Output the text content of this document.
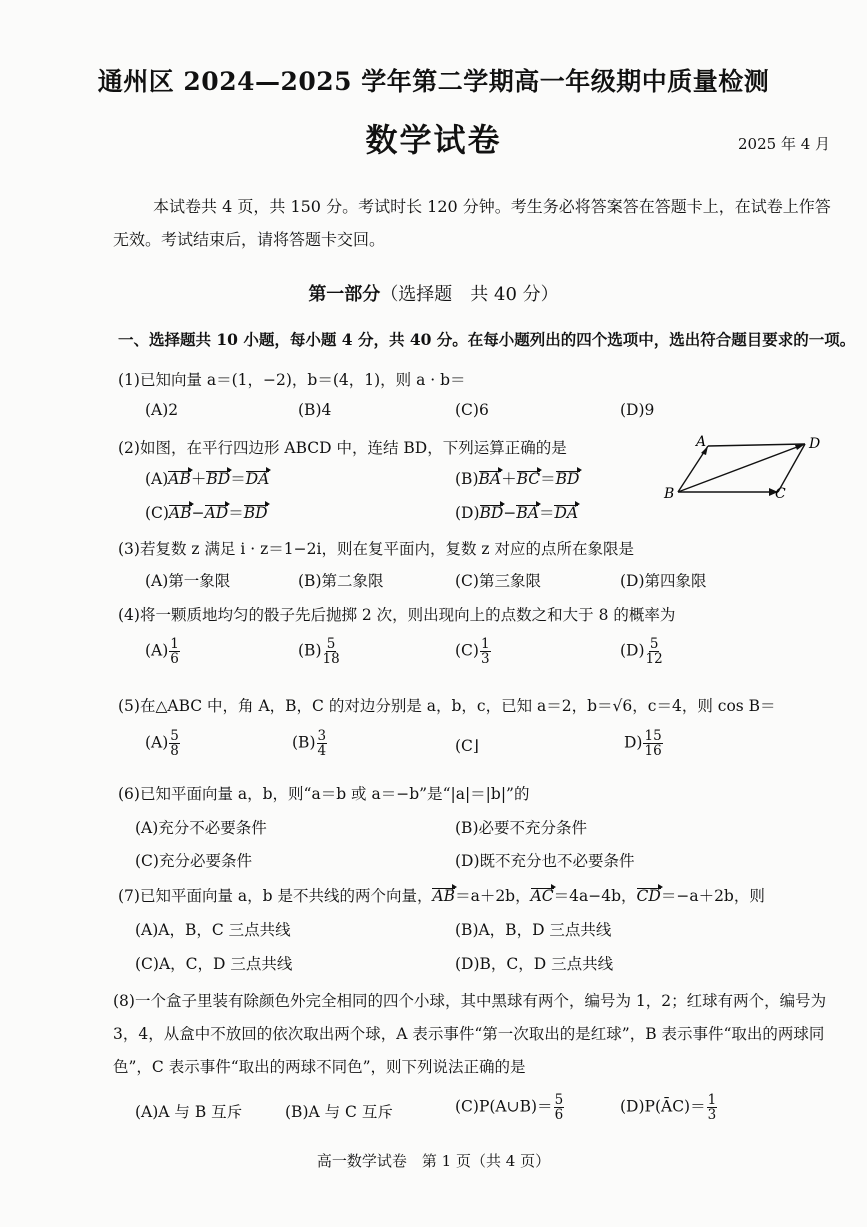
通州区 2024—2025 学年第二学期高一年级期中质量检测
数学试卷	2025 年 4 月
本试卷共 4 页，共 150 分。考试时长 120 分钟。考生务必将答案答在答题卡上，在试卷上作答无效。考试结束后，请将答题卡交回。
第一部分（选择题　共 40 分）
一、选择题共 10 小题，每小题 4 分，共 40 分。在每小题列出的四个选项中，选出符合题目要求的一项。
(1)已知向量 a＝(1，−2)，b＝(4，1)，则 a · b＝
(A)2	(B)4	(C)6	(D)9
(2)如图，在平行四边形 ABCD 中，连结 BD，下列运算正确的是
(A)AB＋BD＝DA	(B)BA＋BC＝BD
(C)AB−AD＝BD	(D)BD−BA＝DA
A	D
B	C
(3)若复数 z 满足 i · z＝1−2i，则在复平面内，复数 z 对应的点所在象限是
(A)第一象限	(B)第二象限	(C)第三象限	(D)第四象限
(4)将一颗质地均匀的骰子先后抛掷 2 次，则出现向上的点数之和大于 8 的概率为
$(A) \frac{1}{6}$	$(B) \frac{5}{18}$	$(C) \frac{1}{3}$	$(D) \frac{5}{12}$
(5)在△ABC 中，角 A，B，C 的对边分别是 a，b，c，已知 a＝2，b＝√6，c＝4，则 cos B＝
$(A) \frac{5}{8}$	$(B) \frac{3}{4}$	(C⌋	$D) \frac{15}{16}$
(6)已知平面向量 a，b，则“a＝b 或 a＝−b”是“|a|＝|b|”的
(A)充分不必要条件	(B)必要不充分条件
(C)充分必要条件	(D)既不充分也不必要条件
(7)已知平面向量 a，b 是不共线的两个向量，AB＝a＋2b，AC＝4a−4b，CD＝−a＋2b，则
(A)A，B，C 三点共线	(B)A，B，D 三点共线
(C)A，C，D 三点共线	(D)B，C，D 三点共线
(8)一个盒子里装有除颜色外完全相同的四个小球，其中黑球有两个，编号为 1，2；红球有两个，编号为 3，4，从盒中不放回的依次取出两个球，A 表示事件“第一次取出的是红球”，B 表示事件“取出的两球同色”，C 表示事件“取出的两球不同色”，则下列说法正确的是
(A)A 与 B 互斥	(B)A 与 C 互斥	(C)P(A∪B)＝ $\frac{5}{6}$	(D)P(ĀC)＝ $\frac{1}{3}$
高一数学试卷　第 1 页（共 4 页）
